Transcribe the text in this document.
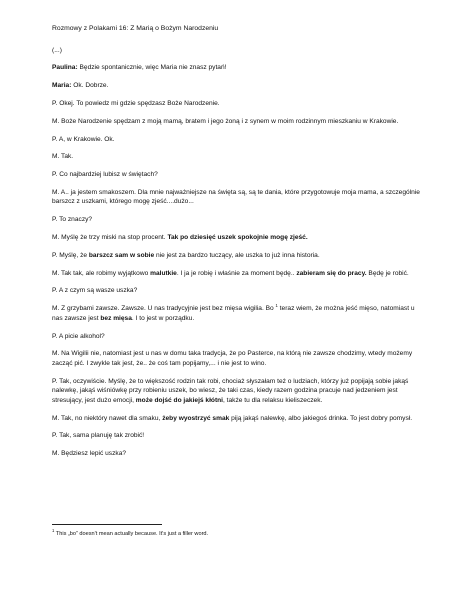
Rozmowy z Polakami 16: Z Marią o Bożym Narodzeniu
(...)
Paulina: Będzie spontanicznie, więc Maria nie znasz pytań!
Maria: Ok. Dobrze.
P. Okej. To powiedz mi gdzie spędzasz Boże Narodzenie.
M. Boże Narodzenie spędzam z moją mamą, bratem i jego żoną i z synem w moim rodzinnym mieszkaniu w Krakowie.
P. A, w Krakowie. Ok.
M. Tak.
P. Co najbardziej lubisz w świętach?
M. A.. ja jestem smakoszem. Dla mnie najważniejsze na święta są, są te dania, które przygotowuje moja mama, a szczególnie barszcz z uszkami, którego mogę zjeść....dużo...
P. To znaczy?
M. Myślę że trzy miski na stop procent. Tak po dziesięć uszek spokojnie mogę zjeść.
P. Myślę, że barszcz sam w sobie nie jest za bardzo tuczący, ale uszka to już inna historia.
M. Tak tak, ale robimy wyjątkowo malutkie. I ja je robię i właśnie za moment będę.. zabieram się do pracy. Będę je robić.
P. A z czym są wasze uszka?
M. Z grzybami zawsze. Zawsze. U nas tradycyjnie jest bez mięsa wigilia. Bo $^1$ teraz wiem, że można jeść mięso, natomiast u nas zawsze jest bez mięsa. I to jest w porządku.
P. A picie alkohol?
M. Na Wigilii nie, natomiast jest u nas w domu taka tradycja, że po Pasterce, na którą nie zawsze chodzimy, wtedy możemy zacząć pić. I zwykle tak jest, że.. że coś tam popijamy,... i nie jest to wino.
P. Tak, oczywiście. Myślę, że to większość rodzin tak robi, chociaż słyszałam też o ludziach, którzy już popijają sobie jakąś nalewkę, jakąś wiśniówkę przy robieniu uszek, bo wiesz, że taki czas, kiedy razem godzina pracuje nad jedzeniem jest stresujący, jest dużo emocji, może dojść do jakiejś kłótni, także tu dla relaksu kieliszeczek.
M. Tak, no niektóry nawet dla smaku, żeby wyostrzyć smak piją jakąś nalewkę, albo jakiegoś drinka. To jest dobry pomysł.
P. Tak, sama planuję tak zrobić!
M. Będziesz lepić uszka?
$^1$ This „bo” doesn't mean actually because. It's just a filler word.
